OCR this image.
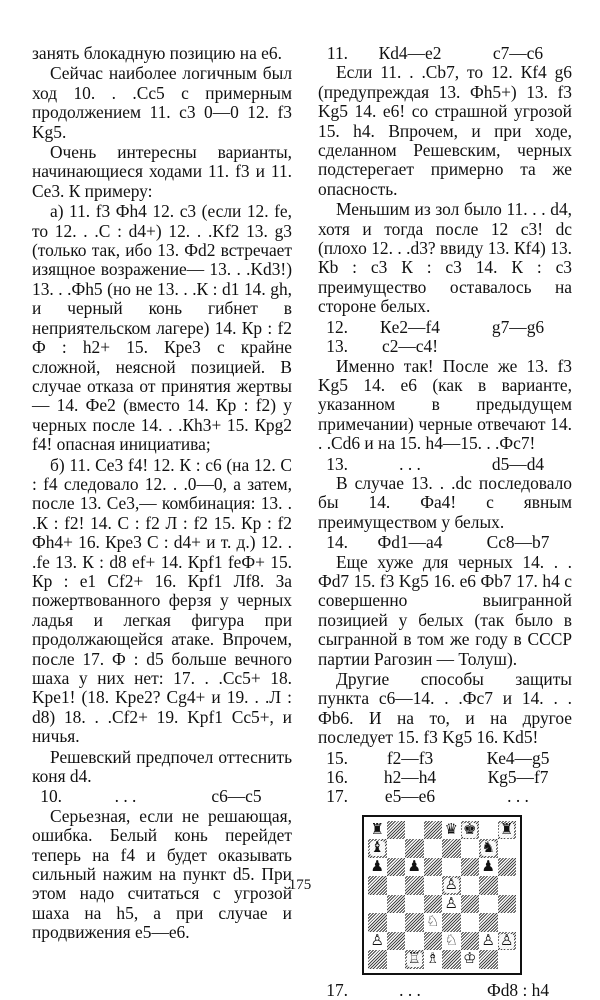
занять блокадную позицию на e6.

Сейчас наиболее логичным был ход 10. . .Сc5 с примерным продолжением 11. c3 0—0 12. f3 Kg5.

Очень интересны варианты, начинающиеся ходами 11. f3 и 11. Ce3. К примеру:

а) 11. f3 Фh4 12. c3 (если 12. fe, то 12. . .С : d4+) 12. . .Kf2 13. g3 (только так, ибо 13. Фd2 встречает изящное возражение— 13. . .Kd3!) 13. . .Фh5 (но не 13. . .К : d1 14. gh, и черный конь гибнет в неприятельском лагере) 14. Кр : f2 Ф : h2+ 15. Кре3 с крайне сложной, неясной позицией. В случае отказа от принятия жертвы — 14. Фe2 (вместо 14. Кр : f2) у черных после 14. . .Кh3+ 15. Крg2 f4! опасная инициатива;

б) 11. Ce3 f4! 12. К : c6 (на 12. С : f4 следовало 12. . .0—0, а затем, после 13. Се3,— комбинация: 13. . .К : f2! 14. С : f2 Л : f2 15. Кр : f2 Фh4+ 16. Кре3 С : d4+ и т. д.) 12. . .fe 13. К : d8 ef+ 14. Крf1 feФ+ 15. Кр : e1 Cf2+ 16. Крf1 Лf8. За пожертвованного ферзя у черных ладья и легкая фигура при продолжающейся атаке. Впрочем, после 17. Ф : d5 больше вечного шаха у них нет: 17. . .Cc5+ 18. Kpe1! (18. Kpe2? Cg4+ и 19. . .Л : d8) 18. . .Cf2+ 19. Kpf1 Cc5+, и ничья.

Решевский предпочел оттеснить коня d4.

10.	. . .	c6—c5

Серьезная, если не решающая, ошибка. Белый конь перейдет теперь на f4 и будет оказывать сильный нажим на пункт d5. При этом надо считаться с угрозой шаха на h5, а при случае и продвижения e5—e6.

11.	Кd4—e2	c7—c6

Если 11. . .Cb7, то 12. Кf4 g6 (предупреждая 13. Фh5+) 13. f3 Kg5 14. e6! со страшной угрозой 15. h4. Впрочем, и при ходе, сделанном Решевским, черных подстерегает примерно та же опасность.

Меньшим из зол было 11. . . d4, хотя и тогда после 12 c3! dc (плохо 12. . .d3? ввиду 13. Кf4) 13. Кb : c3 К : c3 14. К : c3 преимущество оставалось на стороне белых.

12.	Кe2—f4	g7—g6
13.	c2—c4!

Именно так! После же 13. f3 Kg5 14. e6 (как в варианте, указанном в предыдущем примечании) черные отвечают 14. . .Cd6 и на 15. h4—15. . .Фc7!

13.	. . .	d5—d4

В случае 13. . .dc последовало бы 14. Фa4! с явным преимуществом у белых.

14.	Фd1—a4	Cc8—b7

Еще хуже для черных 14. . . Фd7 15. f3 Kg5 16. e6 Фb7 17. h4 с совершенно выигранной позицией у белых (так было в сыгранной в том же году в СССР партии Рагозин — Толуш).

Другие способы защиты пункта c6—14. . .Фc7 и 14. . . Фb6. И на то, и на другое последует 15. f3 Kg5 16. Kd5!

15.	f2—f3	Кe4—g5
16.	h2—h4	Кg5—f7
17.	e5—e6	. . .
♜	♛ ♚ ♜
♝	♞
♟ ♟	♟
♙
♙
♘
♙	♘ ♙ ♙
♖ ♗ ♔
17.	. . .	Фd8 : h4
175
